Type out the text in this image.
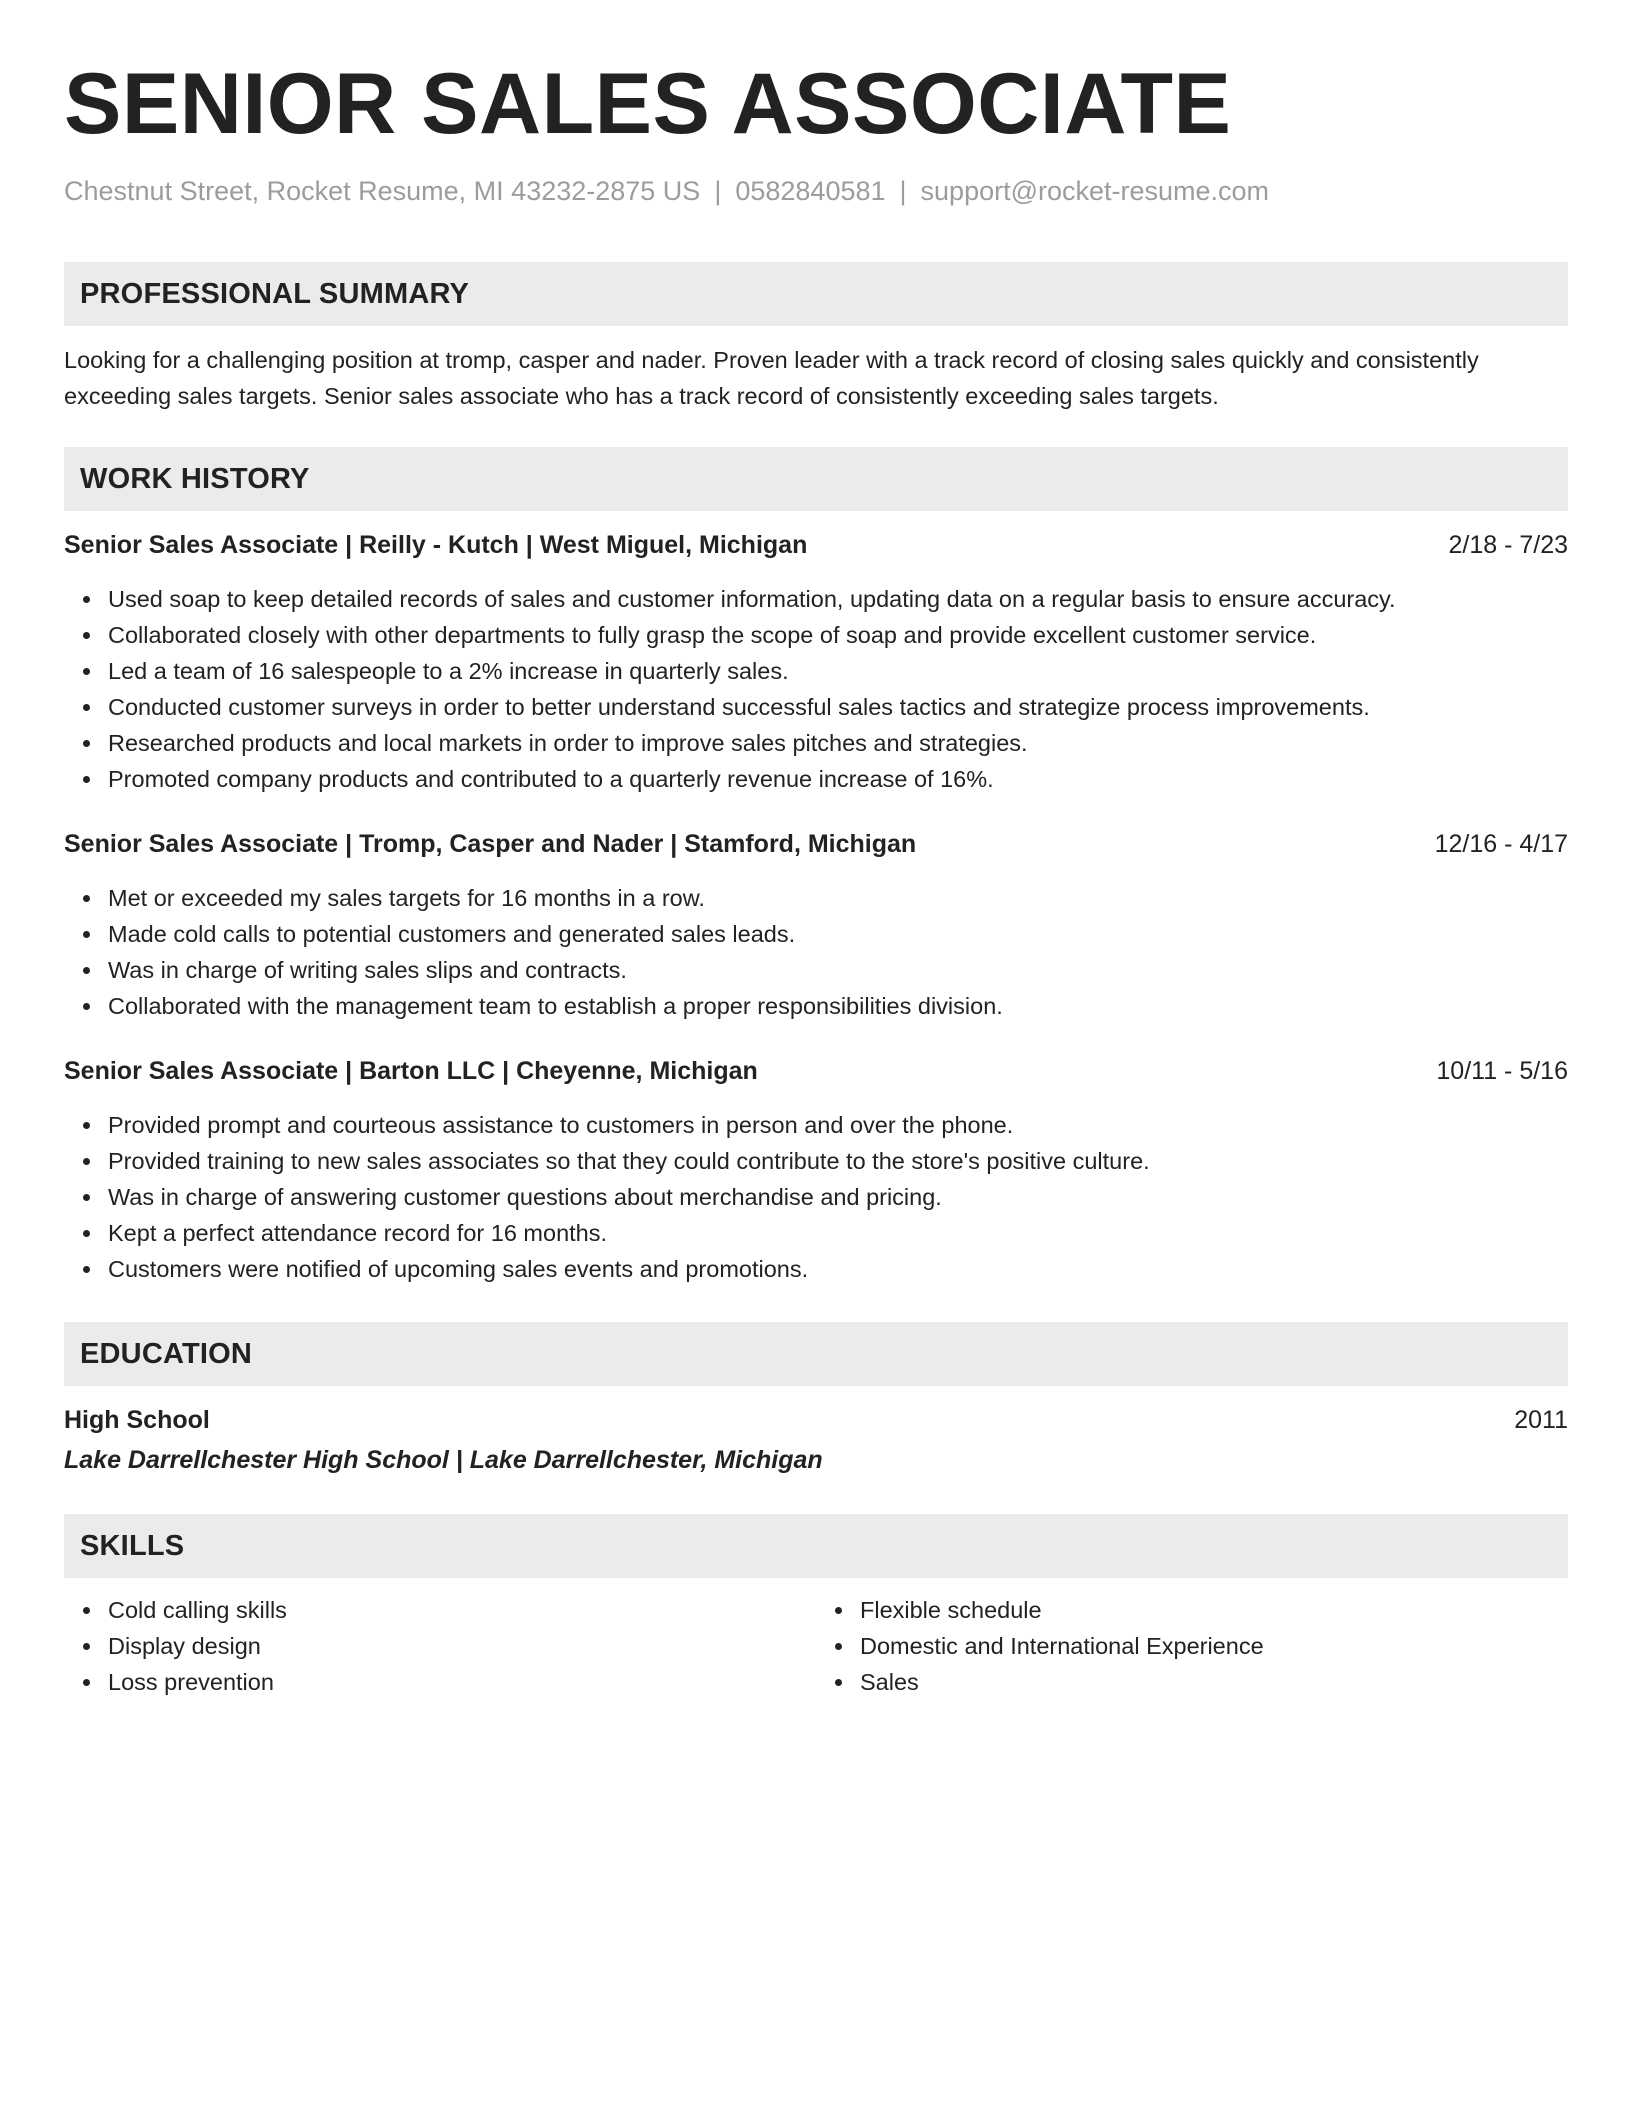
SENIOR SALES ASSOCIATE
Chestnut Street, Rocket Resume, MI 43232-2875 US | 0582840581 | support@rocket-resume.com
PROFESSIONAL SUMMARY
Looking for a challenging position at tromp, casper and nader. Proven leader with a track record of closing sales quickly and consistently exceeding sales targets. Senior sales associate who has a track record of consistently exceeding sales targets.
WORK HISTORY
Senior Sales Associate | Reilly - Kutch | West Miguel, Michigan	2/18 - 7/23
Used soap to keep detailed records of sales and customer information, updating data on a regular basis to ensure accuracy.
Collaborated closely with other departments to fully grasp the scope of soap and provide excellent customer service.
Led a team of 16 salespeople to a 2% increase in quarterly sales.
Conducted customer surveys in order to better understand successful sales tactics and strategize process improvements.
Researched products and local markets in order to improve sales pitches and strategies.
Promoted company products and contributed to a quarterly revenue increase of 16%.
Senior Sales Associate | Tromp, Casper and Nader | Stamford, Michigan	12/16 - 4/17
Met or exceeded my sales targets for 16 months in a row.
Made cold calls to potential customers and generated sales leads.
Was in charge of writing sales slips and contracts.
Collaborated with the management team to establish a proper responsibilities division.
Senior Sales Associate | Barton LLC | Cheyenne, Michigan	10/11 - 5/16
Provided prompt and courteous assistance to customers in person and over the phone.
Provided training to new sales associates so that they could contribute to the store's positive culture.
Was in charge of answering customer questions about merchandise and pricing.
Kept a perfect attendance record for 16 months.
Customers were notified of upcoming sales events and promotions.
EDUCATION
High School	2011
Lake Darrellchester High School | Lake Darrellchester, Michigan
SKILLS
Cold calling skills
Display design
Loss prevention
Flexible schedule
Domestic and International Experience
Sales
